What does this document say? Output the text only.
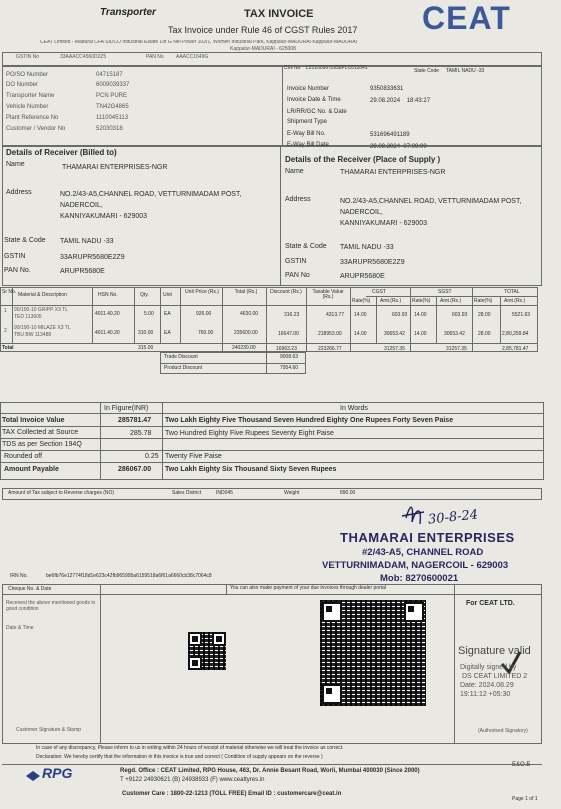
Transporter	TAX INVOICE
Tax Invoice under Rule 46 of CGST Rules 2017 CEAT
CEAT Limited - Madurai CFA SIDCO Industrial Estate Lot G Nel Power 102/1, Women Industrial Park, Kappalur-MADURAI Kappalur-MADURAI
Kappalur-MADURAI - 625008
GSTIN No	33AAACC4560D2Z5	PAN No AAACC1649G
CIN No L25100MH1958PLC011041	State Code TAMIL NADU -33
PO/SO Number	04715187
DO Number	6009039337
Transporter Name	PCN PURE
Vehicle Number	TN42G4865
Plant Reference No	1110045113
Customer / Vendor No	52030318
Invoice Number	9350833631
Invoice Date & Time	29.08.2024    18:43:27
LR/RR/GC No. & Date
Shipment Type
E-Way Bill No.	531696491189
E-Way Bill Date	29.08.2024  07:09:00
Details of Receiver (Billed to)
Name	THAMARAI ENTERPRISES-NGR
Address	NO.2/43-A5,CHANNEL ROAD, VETTURNIMADAM POST,
NADERCOIL,
KANNIYAKUMARI - 629003
State & Code TAMIL NADU -33
GSTIN	33ARUPR5680E2Z9
PAN No.	ARUPR5680E
Details of the Receiver (Place of Supply )
Name	THAMARAI ENTERPRISES-NGR
Address	NO.2/43-A5,CHANNEL ROAD, VETTURNIMADAM POST,
NADERCOIL,
KANNIYAKUMARI - 629003
State & Code TAMIL NADU -33
GSTIN	33ARUPR5680E2Z9
PAN No	ARUPR5680E
Sr No. Material & Description	HSN No.	Qty.	Unit	Unit Price (Rs.)	Total (Rs.)	Discount (Rs.)	Taxable Value (Rs.)
CGST	SGST	TOTAL
Rate(%) Amt.(Rs.) Rate(%) Amt.(Rs.)	Rate(%) Amt.(Rs.)
1 90/100-10 GRIPP X3 TL
TED 113605	4011.40.20	5.00 EA	926.00	4630.00	316.23	4313.77 14.00	603.93 14.00	603.93 28.00	5521.63
2 90/100-10 MILAZE X3 TL
TBU BW 113488	4011.40.20	310.00 EA	760.00	235600.00	16647.00	218953.00 14.00	30653.42 14.00	30653.42	28.00 2,80,259.84
Total	315.00	240230.00	16963.23	223266.77	31257.35	31257.35	2,85,781.47
Trade Discount	9008.63
Product Discount	7954.60
In Figure(INR)	In Words
Total Invoice Value	285781.47 Two Lakh Eighty Five Thousand Seven Hundred Eighty One Rupees Forty Seven Paise
TAX Collected at Source	285.78 Two Hundred Eighty Five Rupees Seventy Eight Paise
TDS as per Section 194Q
Rounded off	0.25 Twenty Five Paise
Amount Payable	286067.00 Two Lakh Eighty Six Thousand Sixty Seven Rupees
Amount of Tax subject to Reverse charges (NO)	Sales District	IND045	Weight	890.00
30-8-24
THAMARAI ENTERPRISES
#2/43-A5, CHANNEL ROAD
VETTURNIMADAM, NAGERCOIL - 629003
Mob: 8270600021
IRN No.	be6fb76e12774f18d1e623c42fb965995a6159518a6f61a6660cb38c7064c8
Cheque No. & Date	You can also make payment of your due invoices through dealer portal
Received the above mentioned goods in good condition
Date & Time
Customer Signature & Stamp
For CEAT LTD.
Signature valid
Digitally signed by
DS CEAT LIMITED 2
Date: 2024.08.29
19:11:12 +05:30
(Authorised Signatory)
In case of any discrepancy, Please inform to us in writing within 24 hours of receipt of material otherwise we will treat the invoice as correct.
Declaration: We hereby certify that the information in this invoice is true and correct ( Condition of supply appears on the reverse )
E&O.E
RPG	Regd. Office : CEAT Limited, RPG House, 463, Dr. Annie Besant Road, Worli, Mumbai 400030 (Since 2000)
T +9122 24930621 (B) 24938933 (F) www.ceattyres.in
Customer Care : 1800-22-1213 (TOLL FREE) Email ID : customercare@ceat.in
Page 1 of 1
